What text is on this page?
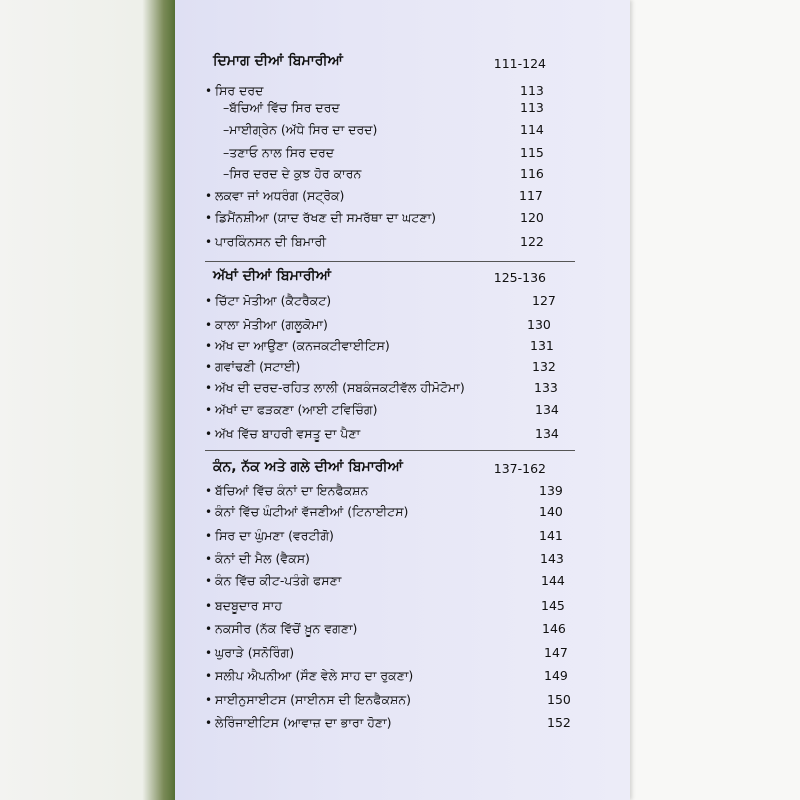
ਦਿਮਾਗ ਦੀਆਂ ਬਿਮਾਰੀਆਂ	111-124
• ਸਿਰ ਦਰਦ	113
–ਬੱਚਿਆਂ ਵਿੱਚ ਸਿਰ ਦਰਦ	113
–ਮਾਈਗ੍ਰੇਨ (ਅੱਧੇ ਸਿਰ ਦਾ ਦਰਦ)	114
–ਤਣਾਓ ਨਾਲ ਸਿਰ ਦਰਦ	115
–ਸਿਰ ਦਰਦ ਦੇ ਕੁਝ ਹੋਰ ਕਾਰਨ	116
• ਲਕਵਾ ਜਾਂ ਅਧਰੰਗ (ਸਟ੍ਰੋਕ)	117
• ਡਿਮੈਂਨਸ਼ੀਆ (ਯਾਦ ਰੱਖਣ ਦੀ ਸਮਰੱਥਾ ਦਾ ਘਟਣਾ)	120
• ਪਾਰਕਿੰਨਸਨ ਦੀ ਬਿਮਾਰੀ	122
ਅੱਖਾਂ ਦੀਆਂ ਬਿਮਾਰੀਆਂ	125-136
• ਚਿੱਟਾ ਮੋਤੀਆ (ਕੈਟਰੈਕਟ)	127
• ਕਾਲਾ ਮੋਤੀਆ (ਗਲੂਕੋਮਾ)	130
• ਅੱਖ ਦਾ ਆਉਣਾ (ਕਨਜਕਟੀਵਾਈਟਿਸ)	131
• ਗਵਾਂਢਣੀ (ਸਟਾਈ)	132
• ਅੱਖ ਦੀ ਦਰਦ-ਰਹਿਤ ਲਾਲੀ (ਸਬਕੰਜਕਟੀਵੱਲ ਹੀਮੋਟੋਮਾ)	133
• ਅੱਖਾਂ ਦਾ ਫੜਕਣਾ (ਆਈ ਟਵਿਚਿੰਗ)	134
• ਅੱਖ ਵਿੱਚ ਬਾਹਰੀ ਵਸਤੂ ਦਾ ਪੈਣਾ	134
ਕੰਨ, ਨੱਕ ਅਤੇ ਗਲੇ ਦੀਆਂ ਬਿਮਾਰੀਆਂ	137-162
• ਬੱਚਿਆਂ ਵਿੱਚ ਕੰਨਾਂ ਦਾ ਇਨਫੈਕਸ਼ਨ	139
• ਕੰਨਾਂ ਵਿੱਚ ਘੰਟੀਆਂ ਵੱਜਣੀਆਂ (ਟਿਨਾਈਟਸ)	140
• ਸਿਰ ਦਾ ਘੁੰਮਣਾ (ਵਰਟੀਗੋ)	141
• ਕੰਨਾਂ ਦੀ ਮੈਲ (ਵੈਕਸ)	143
• ਕੰਨ ਵਿੱਚ ਕੀਟ-ਪਤੰਗੇ ਫਸਣਾ	144
• ਬਦਬੂਦਾਰ ਸਾਹ	145
• ਨਕਸੀਰ (ਨੱਕ ਵਿੱਚੋਂ ਖ਼ੂਨ ਵਗਣਾ)	146
• ਘੁਰਾੜੇ (ਸਨੋਰਿੰਗ)	147
• ਸਲੀਪ ਐਪਨੀਆ (ਸੌਣ ਵੇਲੇ ਸਾਹ ਦਾ ਰੁਕਣਾ)	149
• ਸਾਈਨੁਸਾਈਟਸ (ਸਾਈਨਸ ਦੀ ਇਨਫੈਕਸ਼ਨ)	150
• ਲੇਰਿੰਜਾਈਟਿਸ (ਆਵਾਜ਼ ਦਾ ਭਾਰਾ ਹੋਣਾ)	152
